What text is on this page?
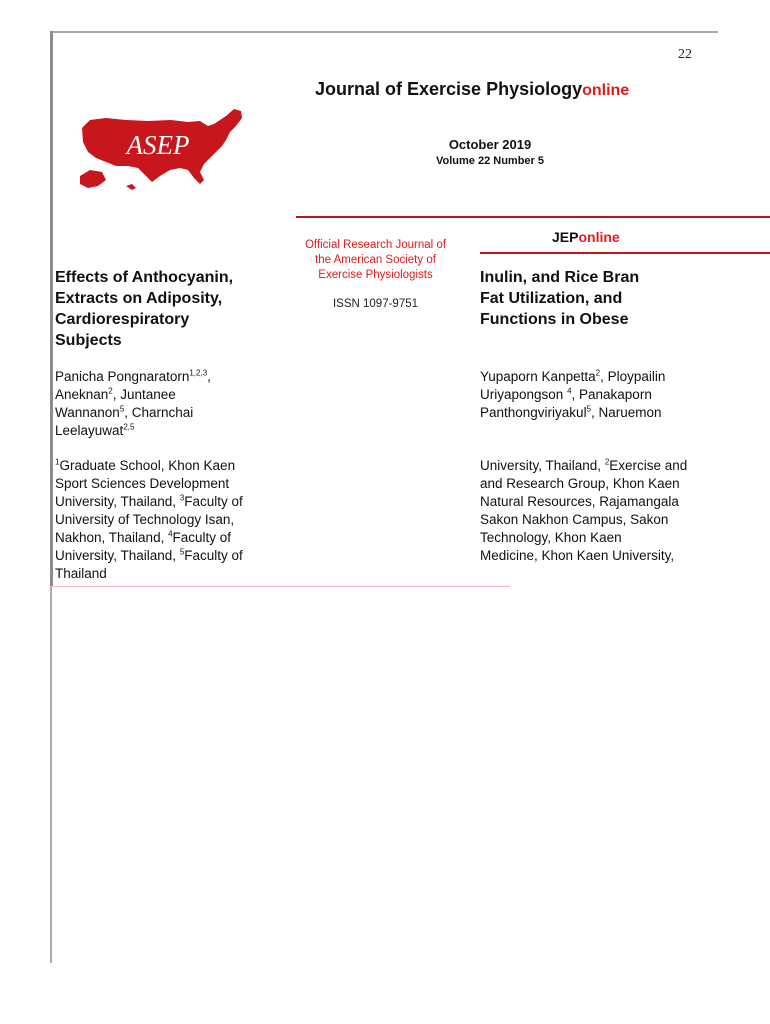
22
Journal of Exercise Physiologyonline
ASEP	October 2019
Volume 22 Number 5
Official Research Journal of
the American Society of
Exercise Physiologists
ISSN 1097-9751
JEPonline
Effects of Anthocyanin,
Extracts on Adiposity,
Cardiorespiratory
Subjects
Inulin, and Rice Bran
Fat Utilization, and
Functions in Obese
Panicha Pongnaratorn$^{1,2,3}$,
Aneknan$^2$, Juntanee
Wannanon$^5$, Charnchai
Leelayuwat$^{2,5}$
Yupaporn Kanpetta$^2$, Ploypailin
Uriyapongson $^4$, Panakaporn
Panthongviriyakul$^5$, Naruemon
$^1$Graduate School, Khon Kaen
Sport Sciences Development
University, Thailand, $^3$Faculty of
University of Technology Isan,
Nakhon, Thailand, $^4$Faculty of
University, Thailand, $^5$Faculty of
Thailand
University, Thailand, $^2$Exercise and
and Research Group, Khon Kaen
Natural Resources, Rajamangala
Sakon Nakhon Campus, Sakon
Technology, Khon Kaen
Medicine, Khon Kaen University,
